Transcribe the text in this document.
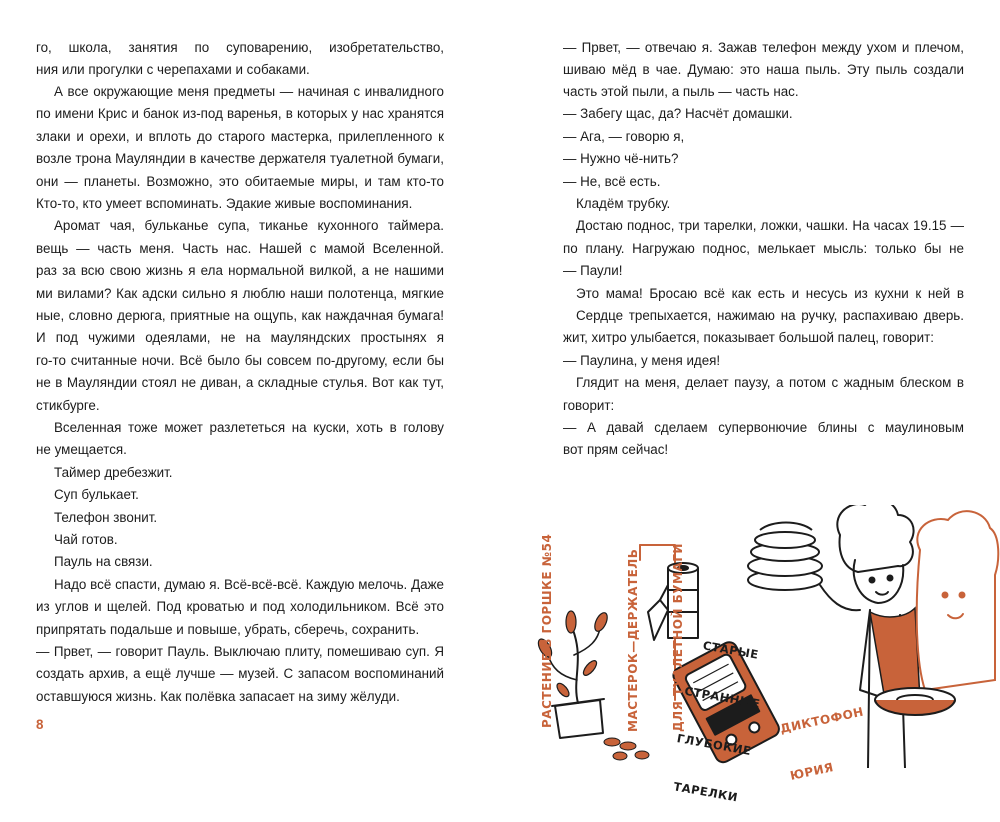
го, школа, занятия по суповарению, изобретательство,

ния или прогулки с черепахами и собаками.

А все окружающие меня предметы — начиная с инвалидного

по имени Крис и банок из-под варенья, в которых у нас хранятся

злаки и орехи, и вплоть до старого мастерка, прилепленного к

возле трона Мауляндии в качестве держателя туалетной бумаги,

они — планеты. Возможно, это обитаемые миры, и там кто-то

Кто-то, кто умеет вспоминать. Эдакие живые воспоминания.

Аромат чая, бульканье супа, тиканье кухонного таймера.

вещь — часть меня. Часть нас. Нашей с мамой Вселенной.

раз за всю свою жизнь я ела нормальной вилкой, а не нашими

ми вилами? Как адски сильно я люблю наши полотенца, мягкие

ные, словно дерюга, приятные на ощупь, как наждачная бумага!

И под чужими одеялами, не на мауляндских простынях я

го-то считанные ночи. Всё было бы совсем по-другому, если бы

не в Мауляндии стоял не диван, а складные стулья. Вот как тут,

стикбурге.

Вселенная тоже может разлететься на куски, хоть в голову

не умещается.

Таймер дребезжит.

Суп булькает.

Телефон звонит.

Чай готов.

Пауль на связи.

Надо всё спасти, думаю я. Всё-всё-всё. Каждую мелочь. Даже

из углов и щелей. Под кроватью и под холодильником. Всё это

припрятать подальше и повыше, убрать, сберечь, сохранить.

— Првет, — говорит Пауль. Выключаю плиту, помешиваю суп. Я

создать архив, а ещё лучше — музей. С запасом воспоминаний

оставшуюся жизнь. Как полёвка запасает на зиму жёлуди.

8

— Првет, — отвечаю я. Зажав телефон между ухом и плечом,

шиваю мёд в чае. Думаю: это наша пыль. Эту пыль создали

часть этой пыли, а пыль — часть нас.

— Забегу щас, да? Насчёт домашки.

— Ага, — говорю я,

— Нужно чё-нить?

— Не, всё есть.

Кладём трубку.

Достаю поднос, три тарелки, ложки, чашки. На часах 19.15 —

по плану. Нагружаю поднос, мелькает мысль: только бы не

— Паули!

Это мама! Бросаю всё как есть и несусь из кухни к ней в

Сердце трепыхается, нажимаю на ручку, распахиваю дверь.

жит, хитро улыбается, показывает большой палец, говорит:

— Паулина, у меня идея!

Глядит на меня, делает паузу, а потом с жадным блеском в

говорит:

— А давай сделаем супервонючие блины с маулиновым

вот прям сейчас!

РАСТЕНИЕ В ГОРШКЕ №54

	МАСТЕРОК—ДЕРЖАТЕЛЬ

	ДЛЯ ТУАЛЕТНОЙ БУМАГИ

	СТАРЫЕ

СТРАННЫЕ

ГЛУБОКИЕ

ТАРЕЛКИ

ДИКТОФОН

ЮРИЯ
